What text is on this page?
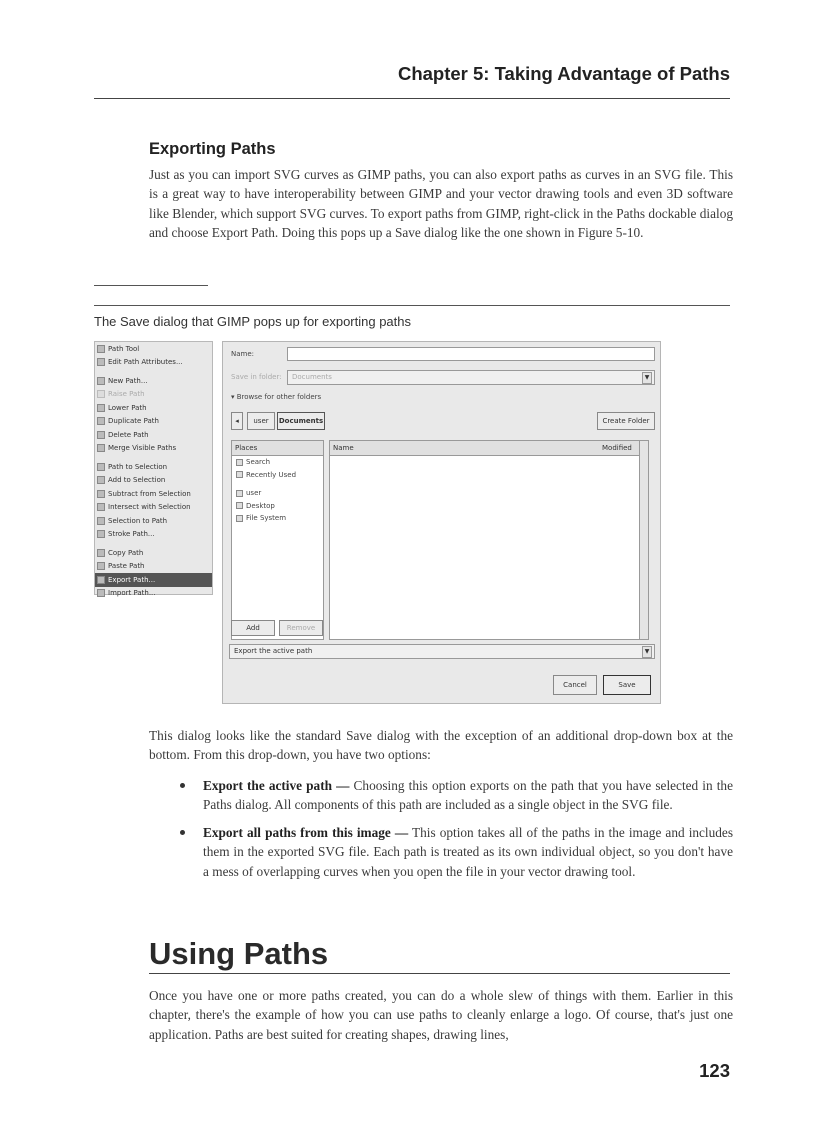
Chapter 5: Taking Advantage of Paths
Exporting Paths
Just as you can import SVG curves as GIMP paths, you can also export paths as curves in an SVG file. This is a great way to have interoperability between GIMP and your vector drawing tools and even 3D software like Blender, which support SVG curves. To export paths from GIMP, right-click in the Paths dockable dialog and choose Export Path. Doing this pops up a Save dialog like the one shown in Figure 5-10.
The Save dialog that GIMP pops up for exporting paths
Path Tool
Edit Path Attributes...
New Path...
Raise Path
Lower Path
Duplicate Path
Delete Path
Merge Visible Paths
Path to Selection
Add to Selection
Subtract from Selection
Intersect with Selection
Selection to Path
Stroke Path...
Copy Path
Paste Path
Export Path...
Import Path...
Name:
Save in folder:	Documents	▼
▾ Browse for other folders
◂	user	Documents	Create Folder
Places
Search
Recently Used
user
Desktop
File System
Name	Modified
Add	Remove
Export the active path	▼
Cancel	Save
This dialog looks like the standard Save dialog with the exception of an additional drop-down box at the bottom. From this drop-down, you have two options:
Export the active path — Choosing this option exports on the path that you have selected in the Paths dialog. All components of this path are included as a single object in the SVG file.
Export all paths from this image — This option takes all of the paths in the image and includes them in the exported SVG file. Each path is treated as its own individual object, so you don't have a mess of overlapping curves when you open the file in your vector drawing tool.
Using Paths
Once you have one or more paths created, you can do a whole slew of things with them. Earlier in this chapter, there's the example of how you can use paths to cleanly enlarge a logo. Of course, that's just one application. Paths are best suited for creating shapes, drawing lines,
123
